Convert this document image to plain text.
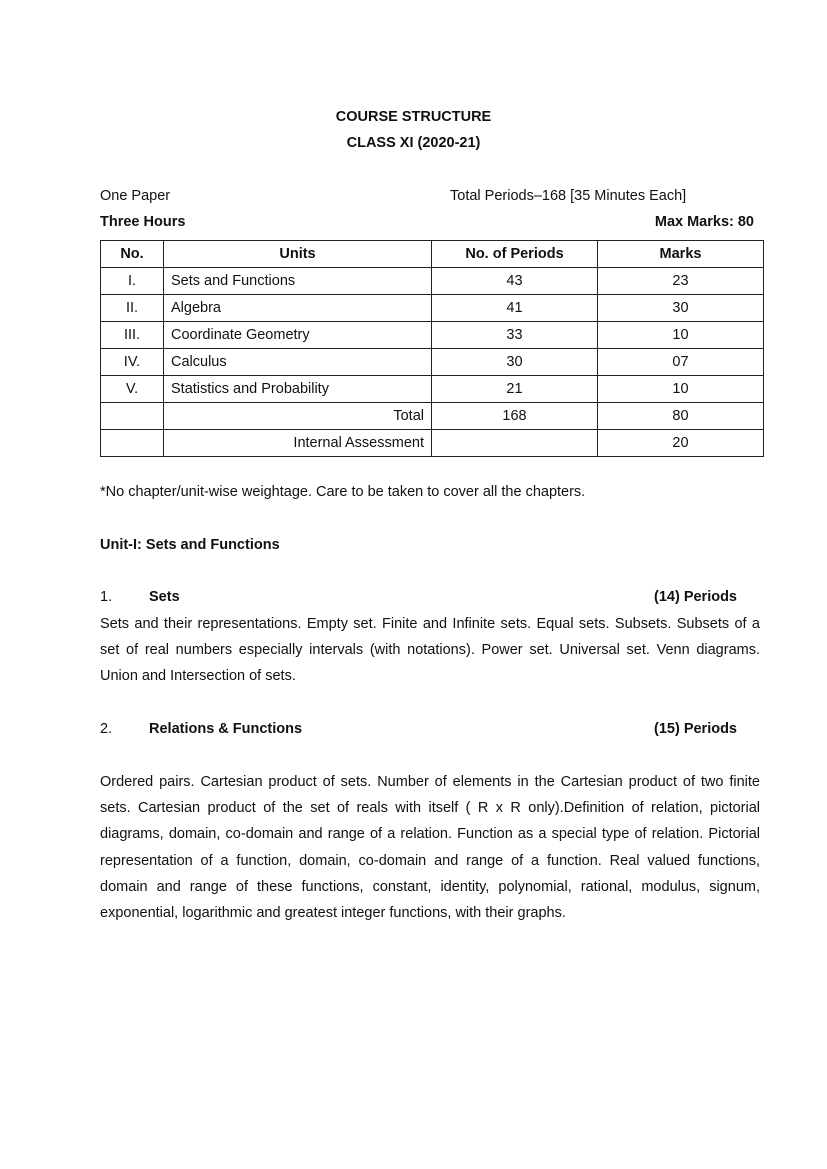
COURSE STRUCTURE

CLASS XI (2020-21)

One Paper	Total Periods–168 [35 Minutes Each]

Three Hours	Max Marks: 80

No.	Units	No. of Periods	Marks
I.	Sets and Functions	43	23
II.	Algebra	41	30
III.	Coordinate Geometry	33	10
IV.	Calculus	30	07
V.	Statistics and Probability	21	10
	Total	168	80
	Internal Assessment		20

*No chapter/unit-wise weightage. Care to be taken to cover all the chapters.

Unit-I: Sets and Functions

1.	Sets	(14) Periods

Sets and their representations. Empty set. Finite and Infinite sets. Equal sets. Subsets. Subsets of a set of real numbers especially intervals (with notations). Power set. Universal set. Venn diagrams. Union and Intersection of sets.

2.	Relations & Functions	(15) Periods

Ordered pairs. Cartesian product of sets. Number of elements in the Cartesian product of two finite sets. Cartesian product of the set of reals with itself ( R x R only).Definition of relation, pictorial diagrams, domain, co-domain and range of a relation. Function as a special type of relation. Pictorial representation of a function, domain, co-domain and range of a function. Real valued functions, domain and range of these functions, constant, identity, polynomial, rational, modulus, signum, exponential, logarithmic and greatest integer functions, with their graphs.
